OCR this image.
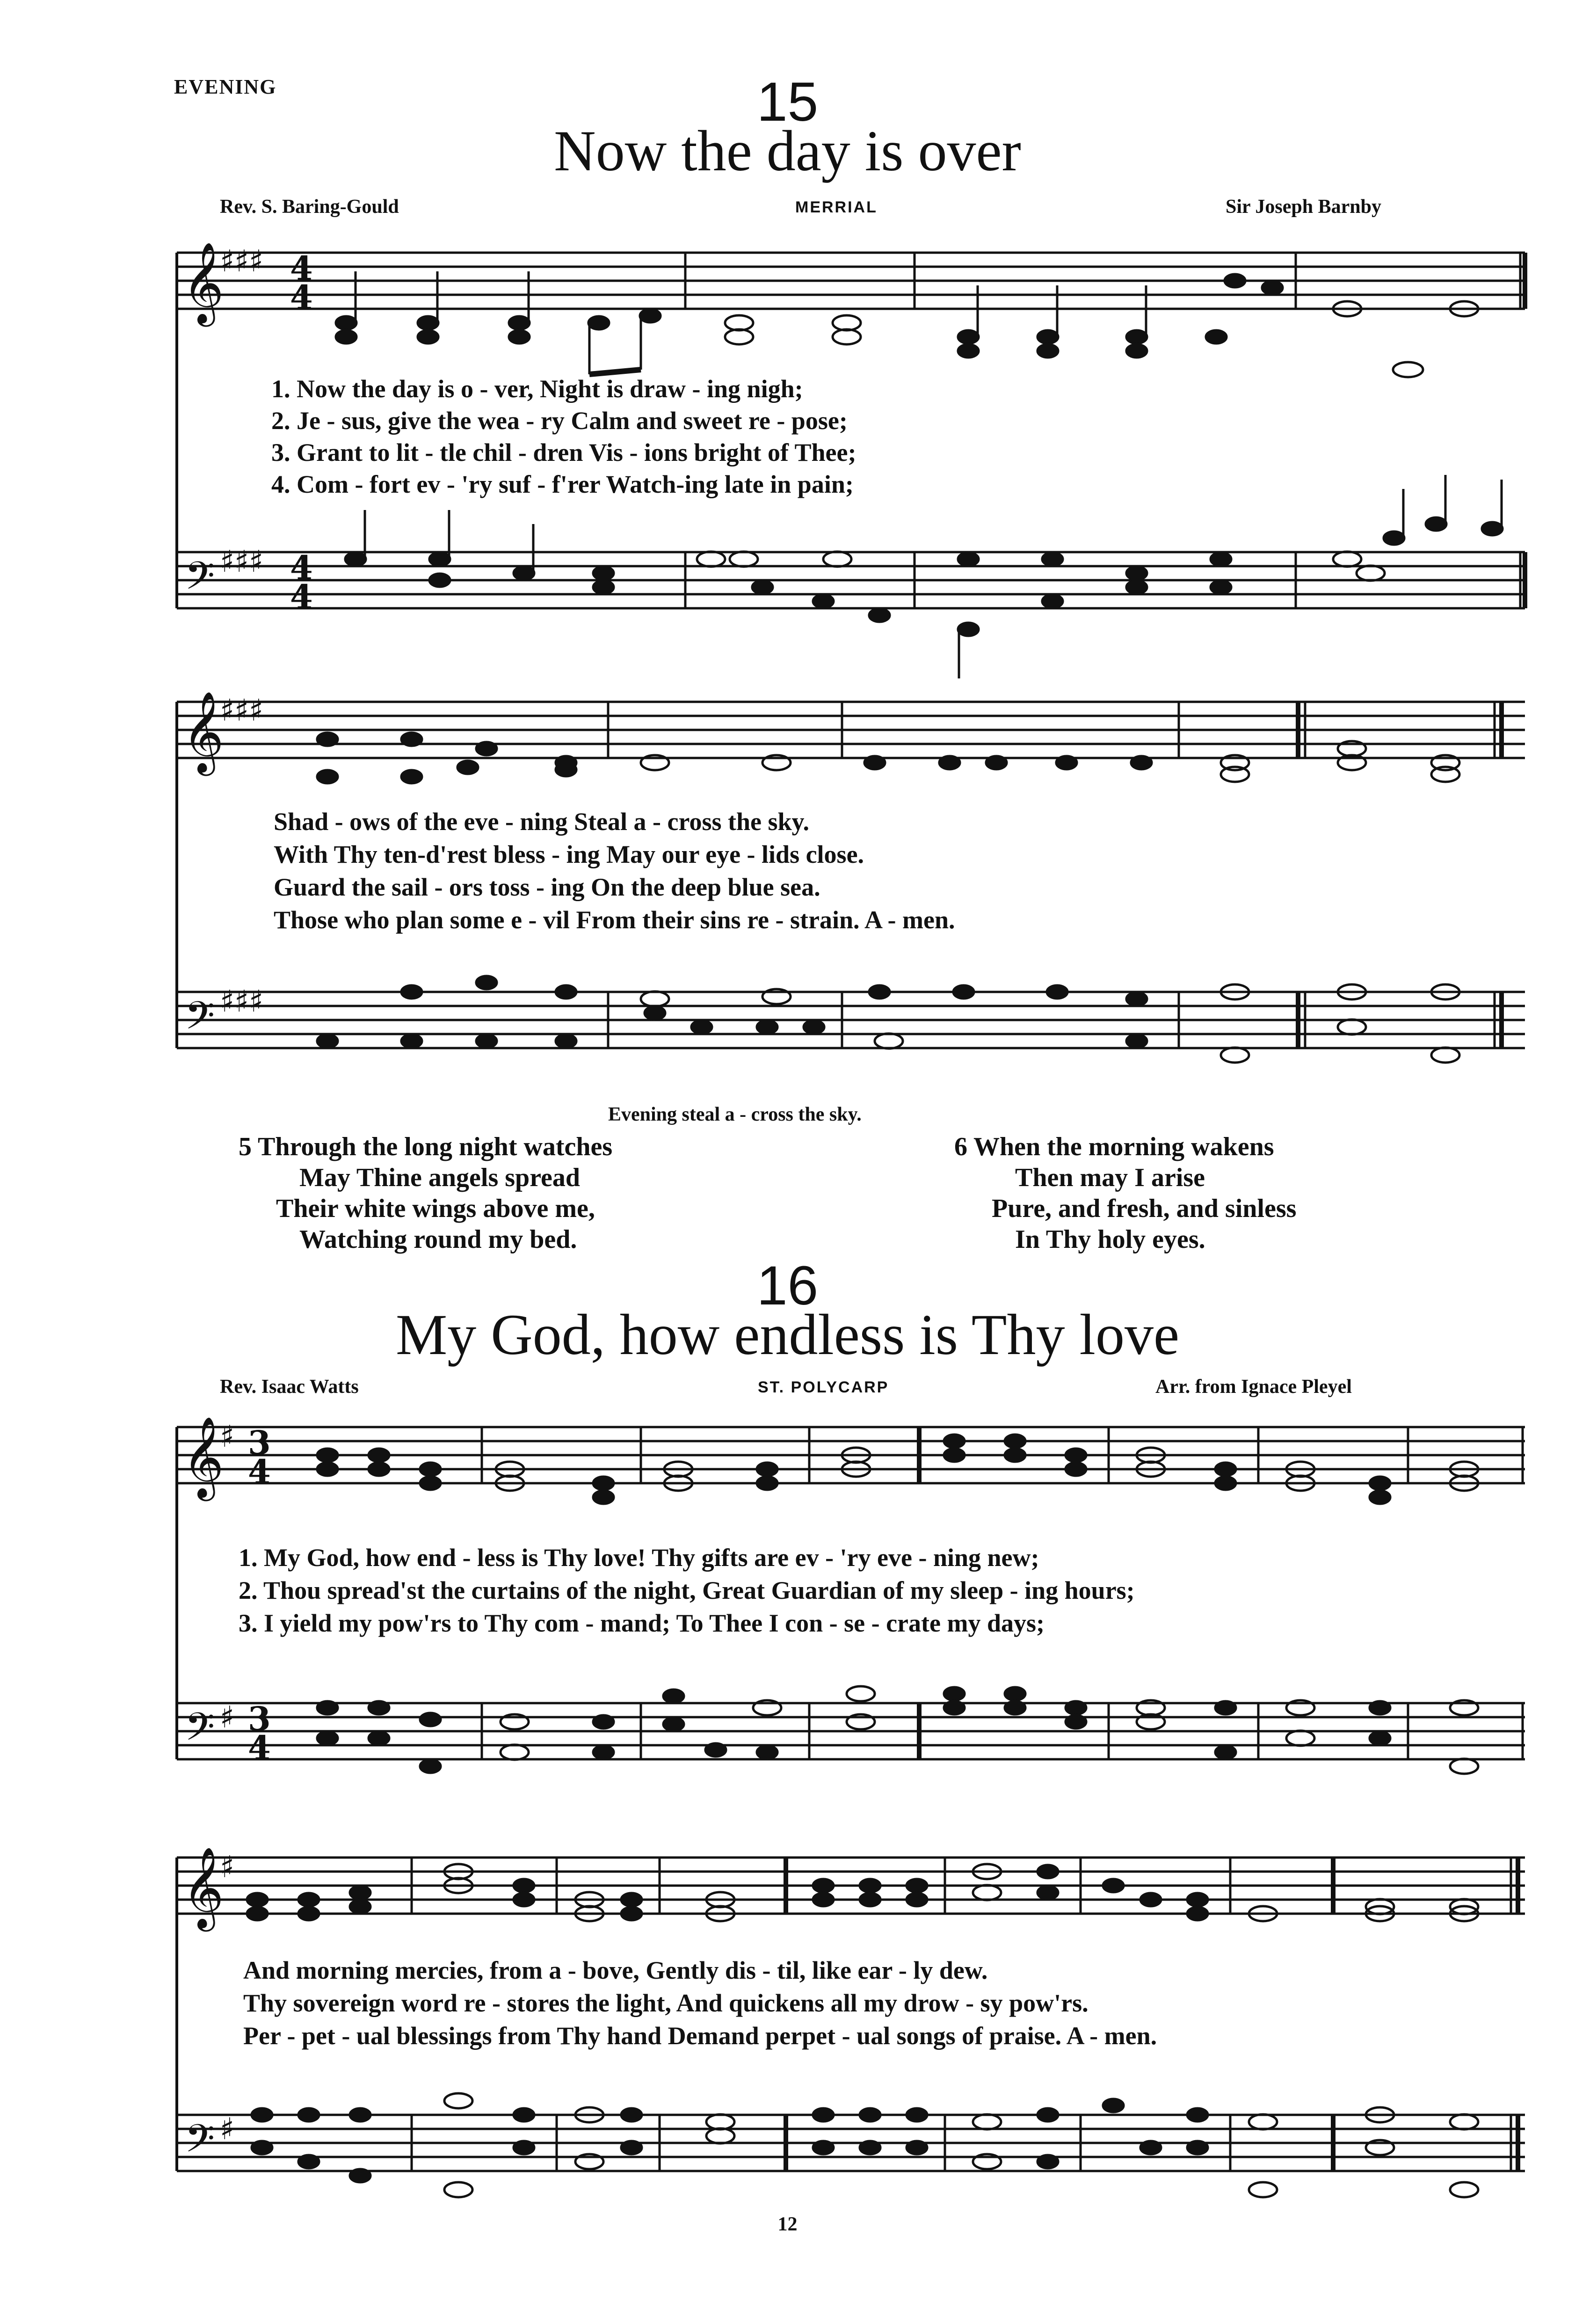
EVENING	15
Now the day is over
Rev. S. Baring-Gould	MERRIAL	Sir Joseph Barnby
𝄞
𝄢
♯♯♯
♯♯♯
4
4
4
4
𝄞
𝄢
♯♯♯
♯♯♯
𝄞
𝄢
♯
♯
3
4
3
4
𝄞
𝄢
♯
♯
1. Now the day is o - ver, Night is draw - ing nigh;
2. Je - sus, give the wea - ry Calm and sweet re - pose;
3. Grant to lit - tle chil - dren Vis - ions bright of Thee;
4. Com - fort ev - 'ry suf - f'rer Watch-ing late in pain;
Shad - ows of the eve - ning Steal a - cross the sky.
With Thy ten-d'rest bless - ing May our eye - lids close.
Guard the sail - ors toss - ing On the deep blue sea.
Those who plan some e - vil From their sins re - strain. A - men.
Evening steal a - cross the sky.
5 Through the long night watches
May Thine angels spread
Their white wings above me,
Watching round my bed.
6 When the morning wakens
Then may I arise
Pure, and fresh, and sinless
In Thy holy eyes.
16
My God, how endless is Thy love
Rev. Isaac Watts	ST. POLYCARP	Arr. from Ignace Pleyel
1. My God, how end - less is Thy love! Thy gifts are ev - 'ry eve - ning new;
2. Thou spread'st the curtains of the night, Great Guardian of my sleep - ing hours;
3. I yield my pow'rs to Thy com - mand; To Thee I con - se - crate my days;
And morning mercies, from a - bove, Gently dis - til, like ear - ly dew.
Thy sovereign word re - stores the light, And quickens all my drow - sy pow'rs.
Per - pet - ual blessings from Thy hand Demand perpet - ual songs of praise. A - men.
12
